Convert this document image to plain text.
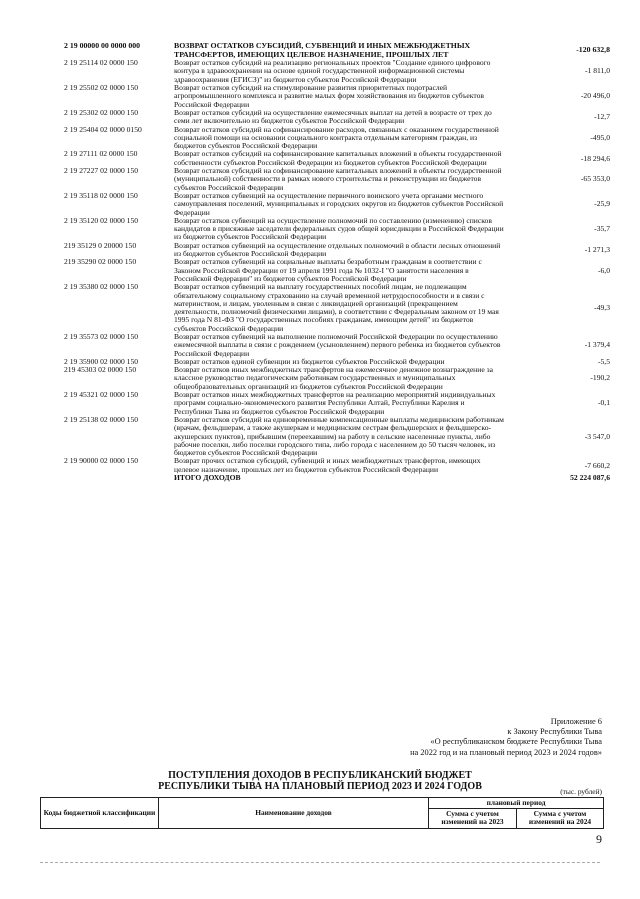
2 19 00000 00 0000 000	ВОЗВРАТ ОСТАТКОВ СУБСИДИЙ, СУБВЕНЦИЙ И ИНЫХ МЕЖБЮДЖЕТНЫХ ТРАНСФЕРТОВ, ИМЕЮЩИХ ЦЕЛЕВОЕ НАЗНАЧЕНИЕ, ПРОШЛЫХ ЛЕТ	-120 632,8
2 19 25114 02 0000 150	Возврат остатков субсидий на реализацию региональных проектов "Создание единого цифрового контура в здравоохранении на основе единой государственной информационной системы здравоохранения (ЕГИСЗ)" из бюджетов субъектов Российской Федерации	-1 811,0
2 19 25502 02 0000 150	Возврат остатков субсидий на стимулирование развития приоритетных подотраслей агропромышленного комплекса и развитие малых форм хозяйствования из бюджетов субъектов Российской Федерации	-20 496,0
2 19 25302 02 0000 150	Возврат остатков субсидий на осуществление ежемесячных выплат на детей в возрасте от трех до семи лет включительно из бюджетов субъектов Российской Федерации	-12,7
2 19 25404 02 0000 0150	Возврат остатков субсидий на софинансирование расходов, связанных с оказанием государственной социальной помощи на основании социального контракта отдельным категориям граждан, из бюджетов субъектов Российской Федерации	-495,0
2 19 27111 02 0000 150	Возврат остатков субсидий на софинансирование капитальных вложений в объекты государственной собственности субъектов Российской Федерации из бюджетов субъектов Российской Федерации	-18 294,6
2 19 27227 02 0000 150	Возврат остатков субсидий на софинансирование капитальных вложений в объекты государственной (муниципальной) собственности в рамках нового строительства и реконструкции из бюджетов субъектов Российской Федерации	-65 353,0
2 19 35118 02 0000 150	Возврат остатков субвенций на осуществление первичного воинского учета органами местного самоуправления поселений, муниципальных и городских округов из бюджетов субъектов Российской Федерации	-25,9
2 19 35120 02 0000 150	Возврат остатков субвенций на осуществление полномочий по составлению (изменению) списков кандидатов в присяжные заседатели федеральных судов общей юрисдикции в Российской Федерации из бюджетов субъектов Российской Федерации	-35,7
219 35129 0 20000 150	Возврат остатков субвенций на осуществление отдельных полномочий в области лесных отношений из бюджетов субъектов Российской Федерации	-1 271,3
219 35290 02 0000 150	Возврат остатков субвенций на социальные выплаты безработным гражданам в соответствии с Законом Российской Федерации от 19 апреля 1991 года № 1032-I "О занятости населения в Российской Федерации" из бюджетов субъектов Российской Федерации	-6,0
2 19 35380 02 0000 150	Возврат остатков субвенций на выплату государственных пособий лицам, не подлежащим обязательному социальному страхованию на случай временной нетрудоспособности и в связи с материнством, и лицам, уволенным в связи с ликвидацией организаций (прекращением деятельности, полномочий физическими лицами), в соответствии с Федеральным законом от 19 мая 1995 года N 81-ФЗ "О государственных пособиях гражданам, имеющим детей" из бюджетов субъектов Российской Федерации	-49,3
2 19 35573 02 0000 150	Возврат остатков субвенций на выполнение полномочий Российской Федерации по осуществлению ежемесячной выплаты в связи с рождением (усыновлением) первого ребенка из бюджетов субъектов Российской Федерации	-1 379,4
2 19 35900 02 0000 150	Возврат остатков единой субвенции из бюджетов субъектов Российской Федерации	-5,5
219 45303 02 0000 150	Возврат остатков иных межбюджетных трансфертов на ежемесячное денежное вознаграждение за классное руководство педагогическим работникам государственных и муниципальных общеобразовательных организаций из бюджетов субъектов Российской Федерации	-190,2
2 19 45321 02 0000 150	Возврат остатков иных межбюджетных трансфертов на реализацию мероприятий индивидуальных программ социально-экономического развития Республики Алтай, Республики Карелия и Республики Тыва из бюджетов субъектов Российской Федерации	-0,1
2 19 25138 02 0000 150	Возврат остатков субсидий на единовременные компенсационные выплаты медицинским работникам (врачам, фельдшерам, а также акушеркам и медицинским сестрам фельдшерских и фельдшерско-акушерских пунктов), прибывшим (переехавшим) на работу в сельские населенные пункты, либо рабочие поселки, либо поселки городского типа, либо города с населением до 50 тысяч человек, из бюджетов субъектов Российской Федерации	-3 547,0
2 19 90000 02 0000 150	Возврат прочих остатков субсидий, субвенций и иных межбюджетных трансфертов, имеющих целевое назначение, прошлых лет из бюджетов субъектов Российской Федерации	-7 660,2
	ИТОГО ДОХОДОВ	52 224 087,6
Приложение 6
к Закону Республики Тыва
«О республиканском бюджете Республики Тыва
на 2022 год и на плановый период 2023 и 2024 годов»
ПОСТУПЛЕНИЯ ДОХОДОВ В РЕСПУБЛИКАНСКИЙ БЮДЖЕТ
РЕСПУБЛИКИ ТЫВА НА ПЛАНОВЫЙ ПЕРИОД 2023 И 2024 ГОДОВ	(тыс. рублей)
Коды бюджетной классификации	Наименование доходов	плановый период	
		Сумма с учетом изменений на 2023	Сумма с учетом изменений на 2024
9
